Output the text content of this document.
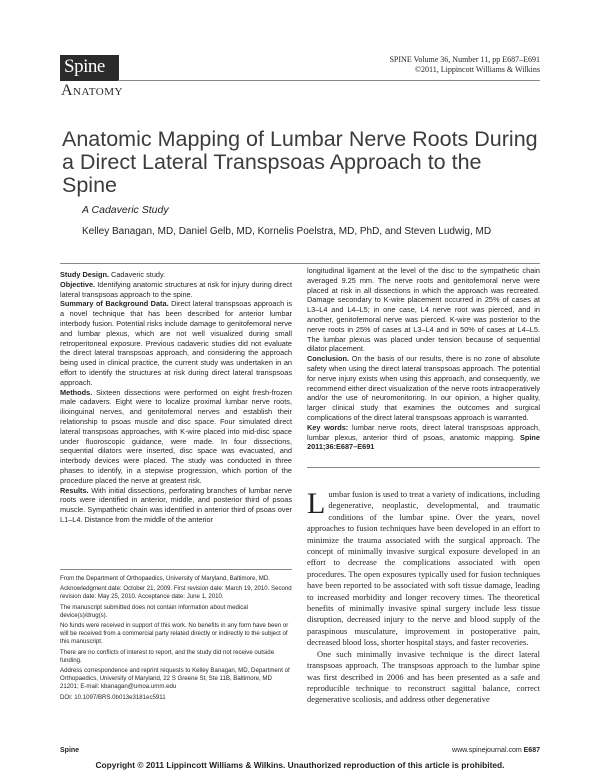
Spine
Anatomy
SPINE Volume 36, Number 11, pp E687–E691
©2011, Lippincott Williams & Wilkins
Anatomic Mapping of Lumbar Nerve Roots During a Direct Lateral Transpsoas Approach to the Spine
A Cadaveric Study
Kelley Banagan, MD, Daniel Gelb, MD, Kornelis Poelstra, MD, PhD, and Steven Ludwig, MD

Study Design. Cadaveric study.

Objective. Identifying anatomic structures at risk for injury during direct lateral transpsoas approach to the spine.

Summary of Background Data. Direct lateral transpsoas approach is a novel technique that has been described for anterior lumbar interbody fusion. Potential risks include damage to genitofemoral nerve and lumbar plexus, which are not well visualized during small retroperitoneal exposure. Previous cadaveric studies did not evaluate the direct lateral transpsoas approach, and considering the approach being used in clinical practice, the current study was undertaken in an effort to identify the structures at risk during direct lateral transpsoas approach.

Methods. Sixteen dissections were performed on eight fresh-frozen male cadavers. Eight were to localize proximal lumbar nerve roots, ilioinguinal nerves, and genitofemoral nerves and establish their relationship to psoas muscle and disc space. Four simulated direct lateral transpsoas approaches, with K-wire placed into mid-disc space under fluoroscopic guidance, were made. In four dissections, sequential dilators were inserted, disc space was evacuated, and interbody devices were placed. The study was conducted in three phases to identify, in a stepwise progression, which portion of the procedure placed the nerve at greatest risk.

Results. With initial dissections, perforating branches of lumbar nerve roots were identified in anterior, middle, and posterior third of psoas muscle. Sympathetic chain was identified in anterior third of psoas over L1–L4. Distance from the middle of the anterior

longitudinal ligament at the level of the disc to the sympathetic chain averaged 9.25 mm. The nerve roots and genitofemoral nerve were placed at risk in all dissections in which the approach was recreated. Damage secondary to K-wire placement occurred in 25% of cases at L3–L4 and L4–L5; in one case, L4 nerve root was pierced, and in another, genitofemoral nerve was pierced. K-wire was posterior to the nerve roots in 25% of cases at L3–L4 and in 50% of cases at L4–L5. The lumbar plexus was placed under tension because of sequential dilator placement.

Conclusion. On the basis of our results, there is no zone of absolute safety when using the direct lateral transpsoas approach. The potential for nerve injury exists when using this approach, and consequently, we recommend either direct visualization of the nerve roots intraoperatively and/or the use of neuromonitoring. In our opinion, a higher quality, larger clinical study that examines the outcomes and surgical complications of the direct lateral transpsoas approach is warranted.

Key words: lumbar nerve roots, direct lateral transpsoas approach, lumbar plexus, anterior third of psoas, anatomic mapping. Spine 2011;36:E687–E691

Lumbar fusion is used to treat a variety of indications, including degenerative, neoplastic, developmental, and traumatic conditions of the lumbar spine. Over the years, novel approaches to fusion techniques have been developed in an effort to minimize the trauma associated with the surgical approach. The concept of minimally invasive surgical exposure developed in an effort to decrease the complications associated with open procedures. The open exposures typically used for fusion techniques have been reported to be associated with soft tissue damage, leading to increased morbidity and longer recovery times. The theoretical benefits of minimally invasive spinal surgery include less tissue disruption, decreased injury to the nerve and blood supply of the paraspinous musculature, improvement in postoperative pain, decreased blood loss, shorter hospital stays, and faster recoveries.

One such minimally invasive technique is the direct lateral transpsoas approach. The transpsoas approach to the lumbar spine was first described in 2006 and has been presented as a safe and reproducible technique to reconstruct sagittal balance, correct degenerative scoliosis, and address other degenerative

From the Department of Orthopaedics, University of Maryland, Baltimore, MD.

Acknowledgment date: October 21, 2009. First revision date: March 19, 2010. Second revision date: May 25, 2010. Acceptance date: June 1, 2010.

The manuscript submitted does not contain information about medical device(s)/drug(s).

No funds were received in support of this work. No benefits in any form have been or will be received from a commercial party related directly or indirectly to the subject of this manuscript.

There are no conflicts of interest to report, and the study did not receive outside funding.

Address correspondence and reprint requests to Kelley Banagan, MD, Department of Orthopaedics, University of Maryland, 22 S Greene St, Ste 11B, Baltimore, MD 21201; E-mail: kbanagan@umoa.umm.edu

DOI: 10.1097/BRS.0b013e3181ec5911

Spine	www.spinejournal.com E687
Copyright © 2011 Lippincott Williams & Wilkins. Unauthorized reproduction of this article is prohibited.
